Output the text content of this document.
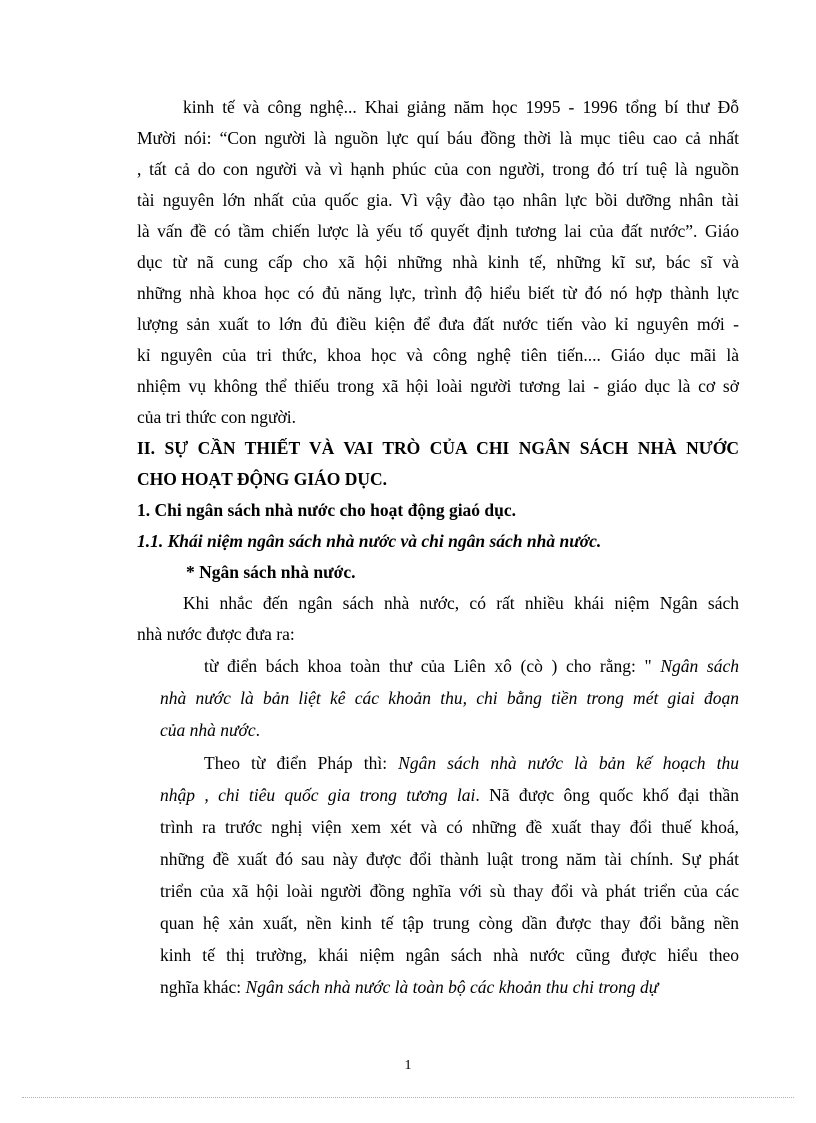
kinh tế và công nghệ... Khai giảng năm học 1995 - 1996 tổng bí thư Đỗ
Mười nói: “Con người là nguồn lực quí báu đồng thời là mục tiêu cao cả nhất
, tất cả do con người và vì hạnh phúc của con người, trong đó trí tuệ là nguồn
tài nguyên lớn nhất của quốc gia. Vì vậy đào tạo nhân lực bồi dưỡng nhân tài
là vấn đề có tầm chiến lược là yếu tố quyết định tương lai của đất nước”. Giáo
dục từ nã cung cấp cho xã hội những nhà kinh tế, những kĩ sư, bác sĩ và
những nhà khoa học có đủ năng lực, trình độ hiểu biết từ đó nó hợp thành lực
lượng sản xuất to lớn đủ điều kiện để đưa đất nước tiến vào kỉ nguyên mới -
kỉ nguyên của tri thức, khoa học và công nghệ tiên tiến.... Giáo dục mãi là
nhiệm vụ không thể thiếu trong xã hội loài người tương lai - giáo dục là cơ sở
của tri thức con người.
II. SỰ CẦN THIẾT VÀ VAI TRÒ CỦA CHI NGÂN SÁCH NHÀ NƯỚC
CHO HOẠT ĐỘNG GIÁO DỤC.
1. Chi ngân sách nhà nước cho hoạt động giaó dục.
1.1. Khái niệm ngân sách nhà nước và chi ngân sách nhà nước.
* Ngân sách nhà nước.
Khi nhắc đến ngân sách nhà nước, có rất nhiều khái niệm Ngân sách
nhà nước được đưa ra:
từ điển bách khoa toàn thư của Liên xô (cò ) cho rằng: " Ngân sách
nhà nước là bản liệt kê các khoản thu, chi bằng tiền trong mét giai đoạn
của nhà nước.
Theo từ điển Pháp thì: Ngân sách nhà nước là bản kế hoạch thu
nhập , chi tiêu quốc gia trong tương lai. Nã được ông quốc khố đại thần
trình ra trước nghị viện xem xét và có những đề xuất thay đổi thuế khoá,
những đề xuất đó sau này được đổi thành luật trong năm tài chính. Sự phát
triển của xã hội loài người đồng nghĩa với sù thay đổi và phát triển của các
quan hệ xản xuất, nền kinh tế tập trung còng dần được thay đổi bằng nền
kinh tế thị trường, khái niệm ngân sách nhà nước cũng được hiểu theo
nghĩa khác: Ngân sách nhà nước là toàn bộ các khoản thu chi trong dự
1
